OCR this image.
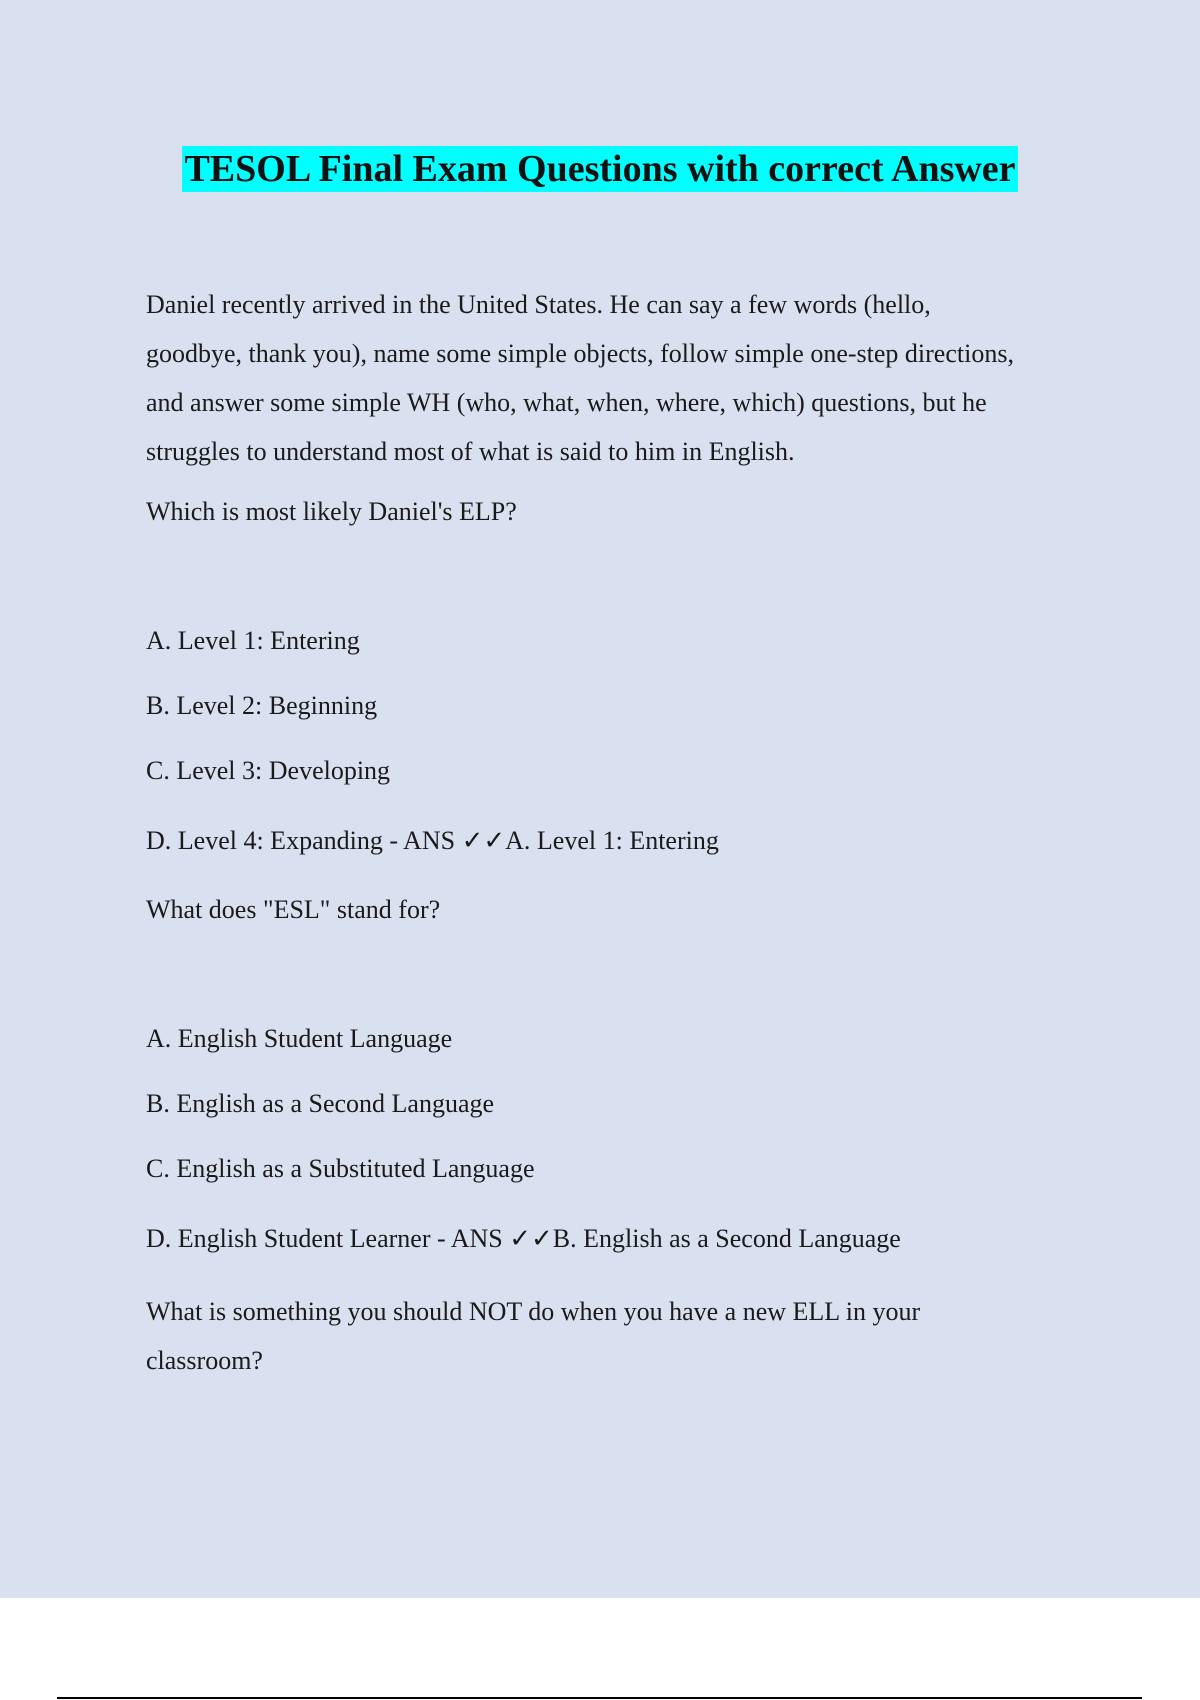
TESOL Final Exam Questions with correct Answer
Daniel recently arrived in the United States. He can say a few words (hello,
goodbye, thank you), name some simple objects, follow simple one-step directions,
and answer some simple WH (who, what, when, where, which) questions, but he
struggles to understand most of what is said to him in English.

Which is most likely Daniel's ELP?

A. Level 1: Entering

B. Level 2: Beginning

C. Level 3: Developing

D. Level 4: Expanding - ANS ✓✓A. Level 1: Entering

What does "ESL" stand for?

A. English Student Language

B. English as a Second Language

C. English as a Substituted Language

D. English Student Learner - ANS ✓✓B. English as a Second Language

What is something you should NOT do when you have a new ELL in your
classroom?
